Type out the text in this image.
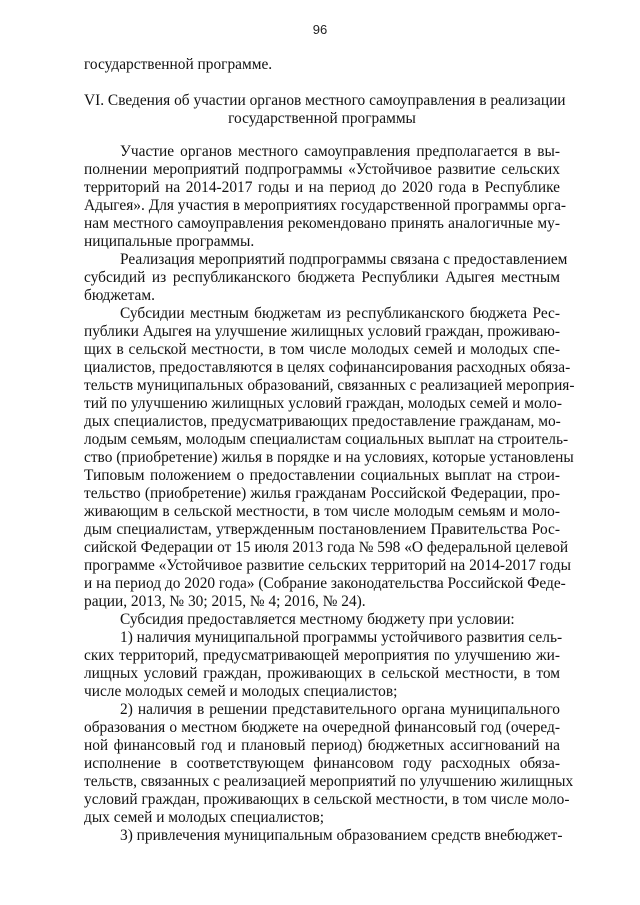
96
государственной программе.
VI. Сведения об участии органов местного самоуправления в реализации
государственной программы
Участие органов местного самоуправления предполагается в вы-
полнении мероприятий подпрограммы «Устойчивое развитие сельских
территорий на 2014-2017 годы и на период до 2020 года в Республике
Адыгея». Для участия в мероприятиях государственной программы орга-
нам местного самоуправления рекомендовано принять аналогичные му-
ниципальные программы.
Реализация мероприятий подпрограммы связана с предоставлением
субсидий из республиканского бюджета Республики Адыгея местным
бюджетам.
Субсидии местным бюджетам из республиканского бюджета Рес-
публики Адыгея на улучшение жилищных условий граждан, проживаю-
щих в сельской местности, в том числе молодых семей и молодых спе-
циалистов, предоставляются в целях софинансирования расходных обяза-
тельств муниципальных образований, связанных с реализацией мероприя-
тий по улучшению жилищных условий граждан, молодых семей и моло-
дых специалистов, предусматривающих предоставление гражданам, мо-
лодым семьям, молодым специалистам социальных выплат на строитель-
ство (приобретение) жилья в порядке и на условиях, которые установлены
Типовым положением о предоставлении социальных выплат на строи-
тельство (приобретение) жилья гражданам Российской Федерации, про-
живающим в сельской местности, в том числе молодым семьям и моло-
дым специалистам, утвержденным постановлением Правительства Рос-
сийской Федерации от 15 июля 2013 года № 598 «О федеральной целевой
программе «Устойчивое развитие сельских территорий на 2014-2017 годы
и на период до 2020 года» (Собрание законодательства Российской Феде-
рации, 2013, № 30; 2015, № 4; 2016, № 24).
Субсидия предоставляется местному бюджету при условии:
1) наличия муниципальной программы устойчивого развития сель-
ских территорий, предусматривающей мероприятия по улучшению жи-
лищных условий граждан, проживающих в сельской местности, в том
числе молодых семей и молодых специалистов;
2) наличия в решении представительного органа муниципального
образования о местном бюджете на очередной финансовый год (очеред-
ной финансовый год и плановый период) бюджетных ассигнований на
исполнение в соответствующем финансовом году расходных обяза-
тельств, связанных с реализацией мероприятий по улучшению жилищных
условий граждан, проживающих в сельской местности, в том числе моло-
дых семей и молодых специалистов;
3) привлечения муниципальным образованием средств внебюджет-
